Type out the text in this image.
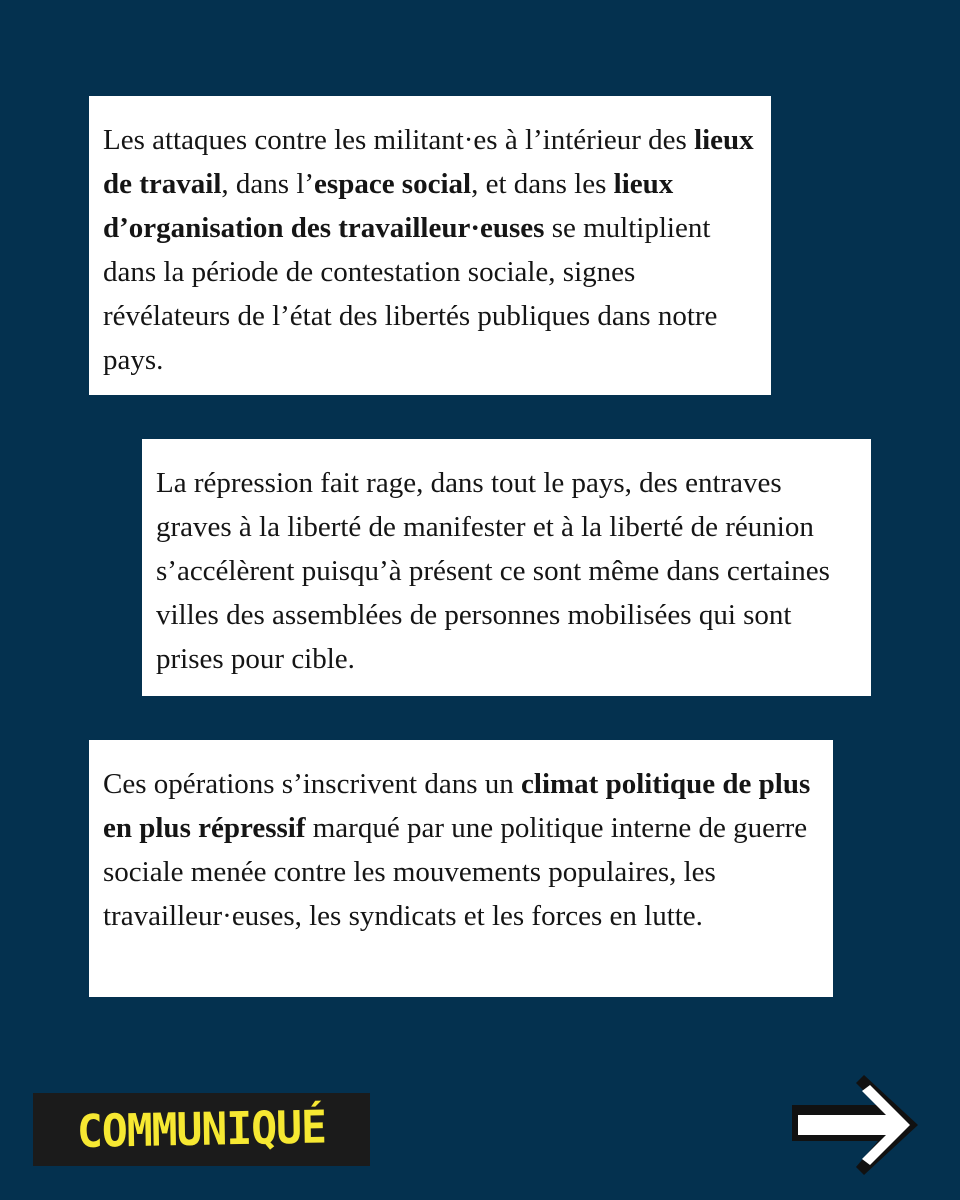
Les attaques contre les militant·es à l’intérieur des lieux de travail, dans l’espace social, et dans les lieux d’organisation des travailleur·euses se multiplient dans la période de contestation sociale, signes révélateurs de l’état des libertés publiques dans notre pays.
La répression fait rage, dans tout le pays, des entraves graves à la liberté de manifester et à la liberté de réunion s’accélèrent puisqu’à présent ce sont même dans certaines villes des assemblées de personnes mobilisées qui sont prises pour cible.
Ces opérations s’inscrivent dans un climat politique de plus en plus répressif marqué par une politique interne de guerre sociale menée contre les mouvements populaires, les travailleur·euses, les syndicats et les forces en lutte.
COMMUNIQUÉ
